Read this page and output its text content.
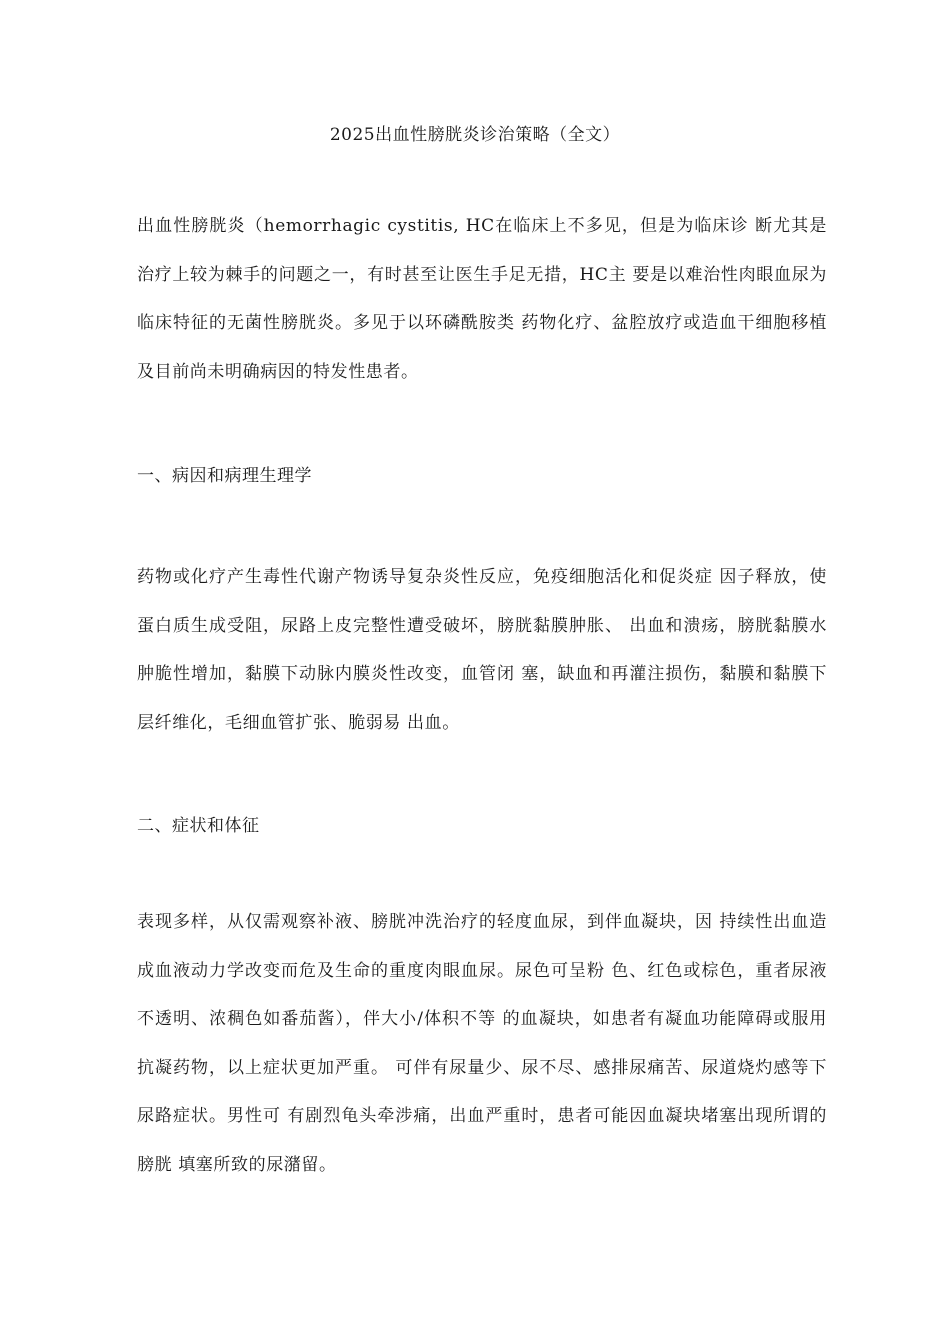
2025出血性膀胱炎诊治策略（全文）

出血性膀胱炎（hemorrhagic cystitis, HC在临床上不多见，但是为临床诊 断尤其是治疗上较为棘手的问题之一，有时甚至让医生手足无措，HC主 要是以难治性肉眼血尿为临床特征的无菌性膀胱炎。多见于以环磷酰胺类 药物化疗、盆腔放疗或造血干细胞移植及目前尚未明确病因的特发性患者。

一、病因和病理生理学

药物或化疗产生毒性代谢产物诱导复杂炎性反应，免疫细胞活化和促炎症 因子释放，使蛋白质生成受阻，尿路上皮完整性遭受破坏，膀胱黏膜肿胀、 出血和溃疡，膀胱黏膜水肿脆性增加，黏膜下动脉内膜炎性改变，血管闭 塞，缺血和再灌注损伤，黏膜和黏膜下层纤维化，毛细血管扩张、脆弱易 出血。

二、症状和体征

表现多样，从仅需观察补液、膀胱冲洗治疗的轻度血尿，到伴血凝块，因 持续性出血造成血液动力学改变而危及生命的重度肉眼血尿。尿色可呈粉 色、红色或棕色，重者尿液不透明、浓稠色如番茄酱），伴大小/体积不等 的血凝块，如患者有凝血功能障碍或服用抗凝药物，以上症状更加严重。 可伴有尿量少、尿不尽、感排尿痛苦、尿道烧灼感等下尿路症状。男性可 有剧烈龟头牵涉痛，出血严重时，患者可能因血凝块堵塞出现所谓的膀胱 填塞所致的尿潴留。
